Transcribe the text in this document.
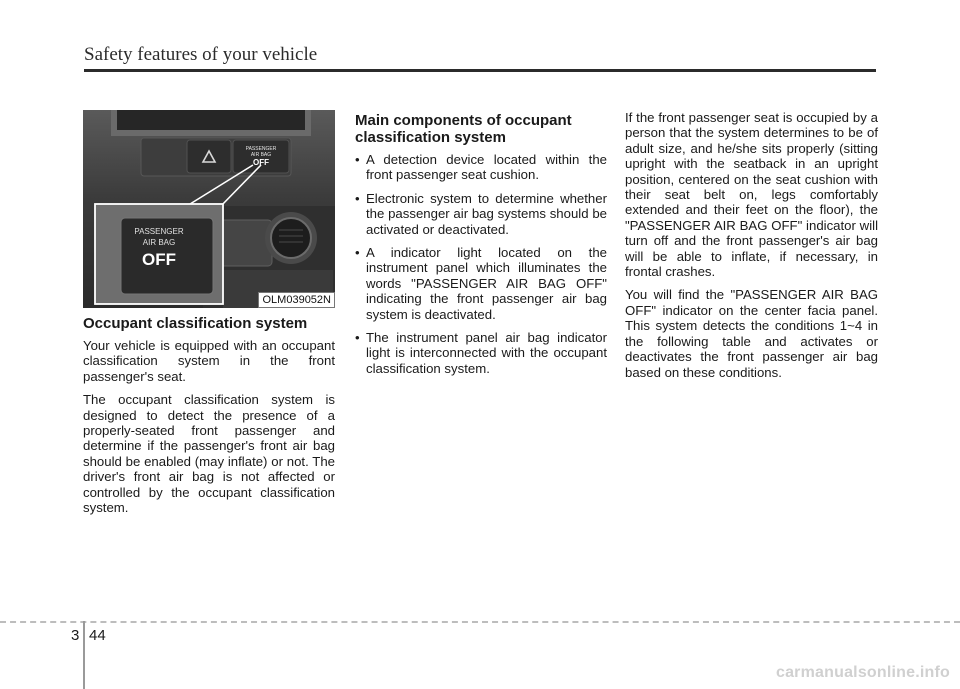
Safety features of your vehicle
PASSENGER
AIR BAG
OFF
PASSENGER
AIR BAG
OFF
OLM039052N
Occupant classification system

Your vehicle is equipped with an occupant classification system in the front passenger's seat.

The occupant classification system is designed to detect the presence of a properly-seated front passenger and determine if the passenger's front air bag should be enabled (may inflate) or not. The driver's front air bag is not affected or controlled by the occupant classification system.

Main components of occupant classification system
• A detection device located within the front passenger seat cushion.
• Electronic system to determine whether the passenger air bag systems should be activated or deactivated.
• A indicator light located on the instrument panel which illuminates the words "PASSENGER AIR BAG OFF" indicating the front passenger air bag system is deactivated.
• The instrument panel air bag indicator light is interconnected with the occupant classification system.

If the front passenger seat is occupied by a person that the system determines to be of adult size, and he/she sits properly (sitting upright with the seatback in an upright position, centered on the seat cushion with their seat belt on, legs comfortably extended and their feet on the floor), the "PASSENGER AIR BAG OFF" indicator will turn off and the front passenger's air bag will be able to inflate, if necessary, in frontal crashes.

You will find the "PASSENGER AIR BAG OFF" indicator on the center facia panel. This system detects the conditions 1~4 in the following table and activates or deactivates the front passenger air bag based on these conditions.

3 44
carmanualsonline.info
